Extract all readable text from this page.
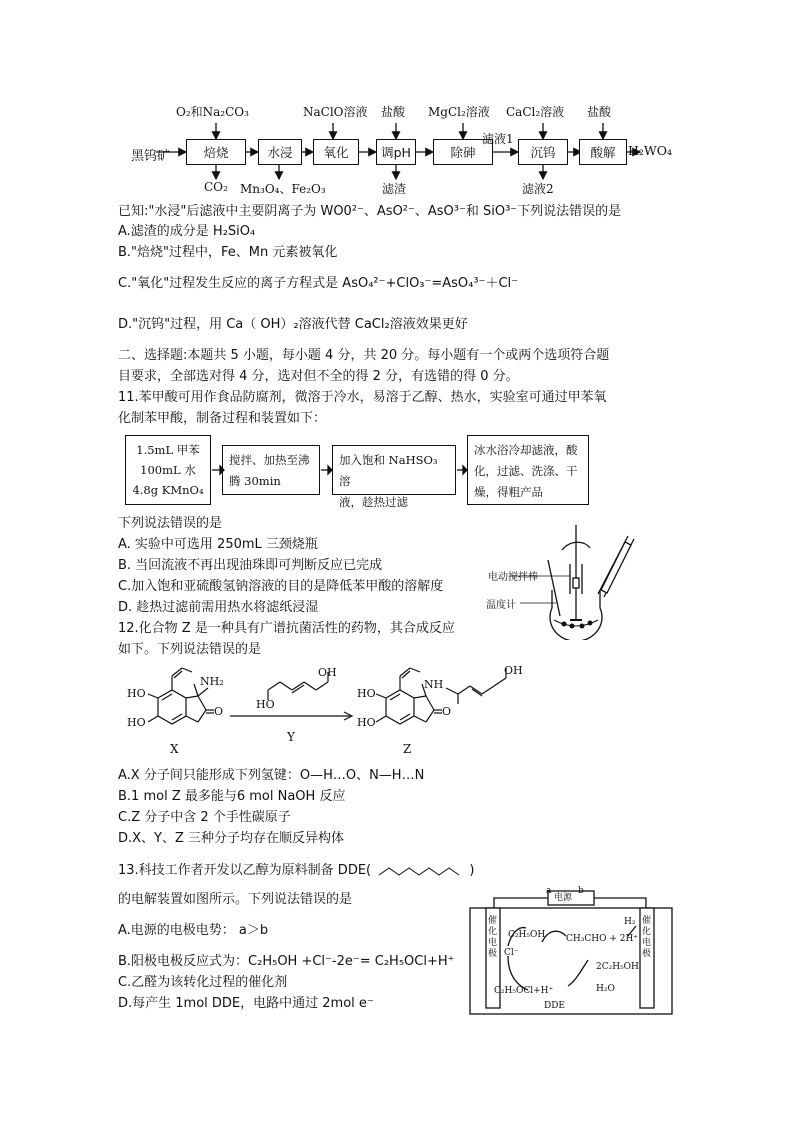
黑钨矿	焙烧	水浸	氧化	调pH	除砷	沉钨	酸解	H₂WO₄
O₂和Na₂CO₃	NaClO溶液 盐酸 MgCl₂溶液 CaCl₂溶液 盐酸
滤液1
CO₂ Mn₃O₄、Fe₂O₃	滤渣	滤液2
已知:"水浸"后滤液中主要阴离子为 WO0²⁻、AsO²⁻、AsO³⁻和 SiO³⁻下列说法错误的是
A.滤渣的成分是 H₂SiO₄
B."焙烧"过程中，Fe、Mn 元素被氧化
C."氧化"过程发生反应的离子方程式是 AsO₄²⁻+ClO₃⁻=AsO₄³⁻＋Cl⁻
D."沉钨"过程，用 Ca（ OH）₂溶液代替 CaCl₂溶液效果更好
二、选择题:本题共 5 小题，每小题 4 分，共 20 分。每小题有一个或两个选项符合题
目要求，全部选对得 4 分，选对但不全的得 2 分，有选错的得 0 分。
11.苯甲酸可用作食品防腐剂，微溶于冷水，易溶于乙醇、热水，实验室可通过甲苯氧
化制苯甲酸，制备过程和装置如下：
1.5mL 甲苯
100mL 水
4.8g KMnO₄
搅拌、加热至沸
腾 30min
加入饱和 NaHSO₃ 溶
液，趁热过滤
冰水浴冷却滤液，酸
化，过滤、洗涤、干
燥，得粗产品
下列说法错误的是
A. 实验中可选用 250mL 三颈烧瓶
B. 当回流液不再出现油珠即可判断反应已完成
C.加入饱和亚硫酸氢钠溶液的目的是降低苯甲酸的溶解度
D. 趁热过滤前需用热水将滤纸浸湿
电动搅拌棒
温度计
12.化合物 Z 是一种具有广谱抗菌活性的药物，其合成反应
如下。下列说法错误的是
HO
HO
NH₂
O
X
HO
OH
Y
HO
HO
NH
O
OH
Z
A.X 分子间只能形成下列氢键：O—H…O、N—H…N
B.1 mol Z 最多能与6 mol NaOH 反应
C.Z 分子中含 2 个手性碳原子
D.X、Y、Z 三种分子均存在顺反异构体
13.科技工作者开发以乙醇为原料制备 DDE(	)
的电解装置如图所示。下列说法错误的是
A.电源的电极电势： a＞b
B.阳极电极反应式为：C₂H₅OH +Cl⁻-2e⁻= C₂H₅OCl+H⁺
C.乙醛为该转化过程的催化剂
D.每产生 1mol DDE，电路中通过 2mol e⁻
a
电源
b
催化电极
催化电极
C₂H₅OH
Cl⁻
CH₃CHO + 2H⁺
H₂
2C₂H₅OH
C₂H₅OCl+H⁺	H₂O
DDE
